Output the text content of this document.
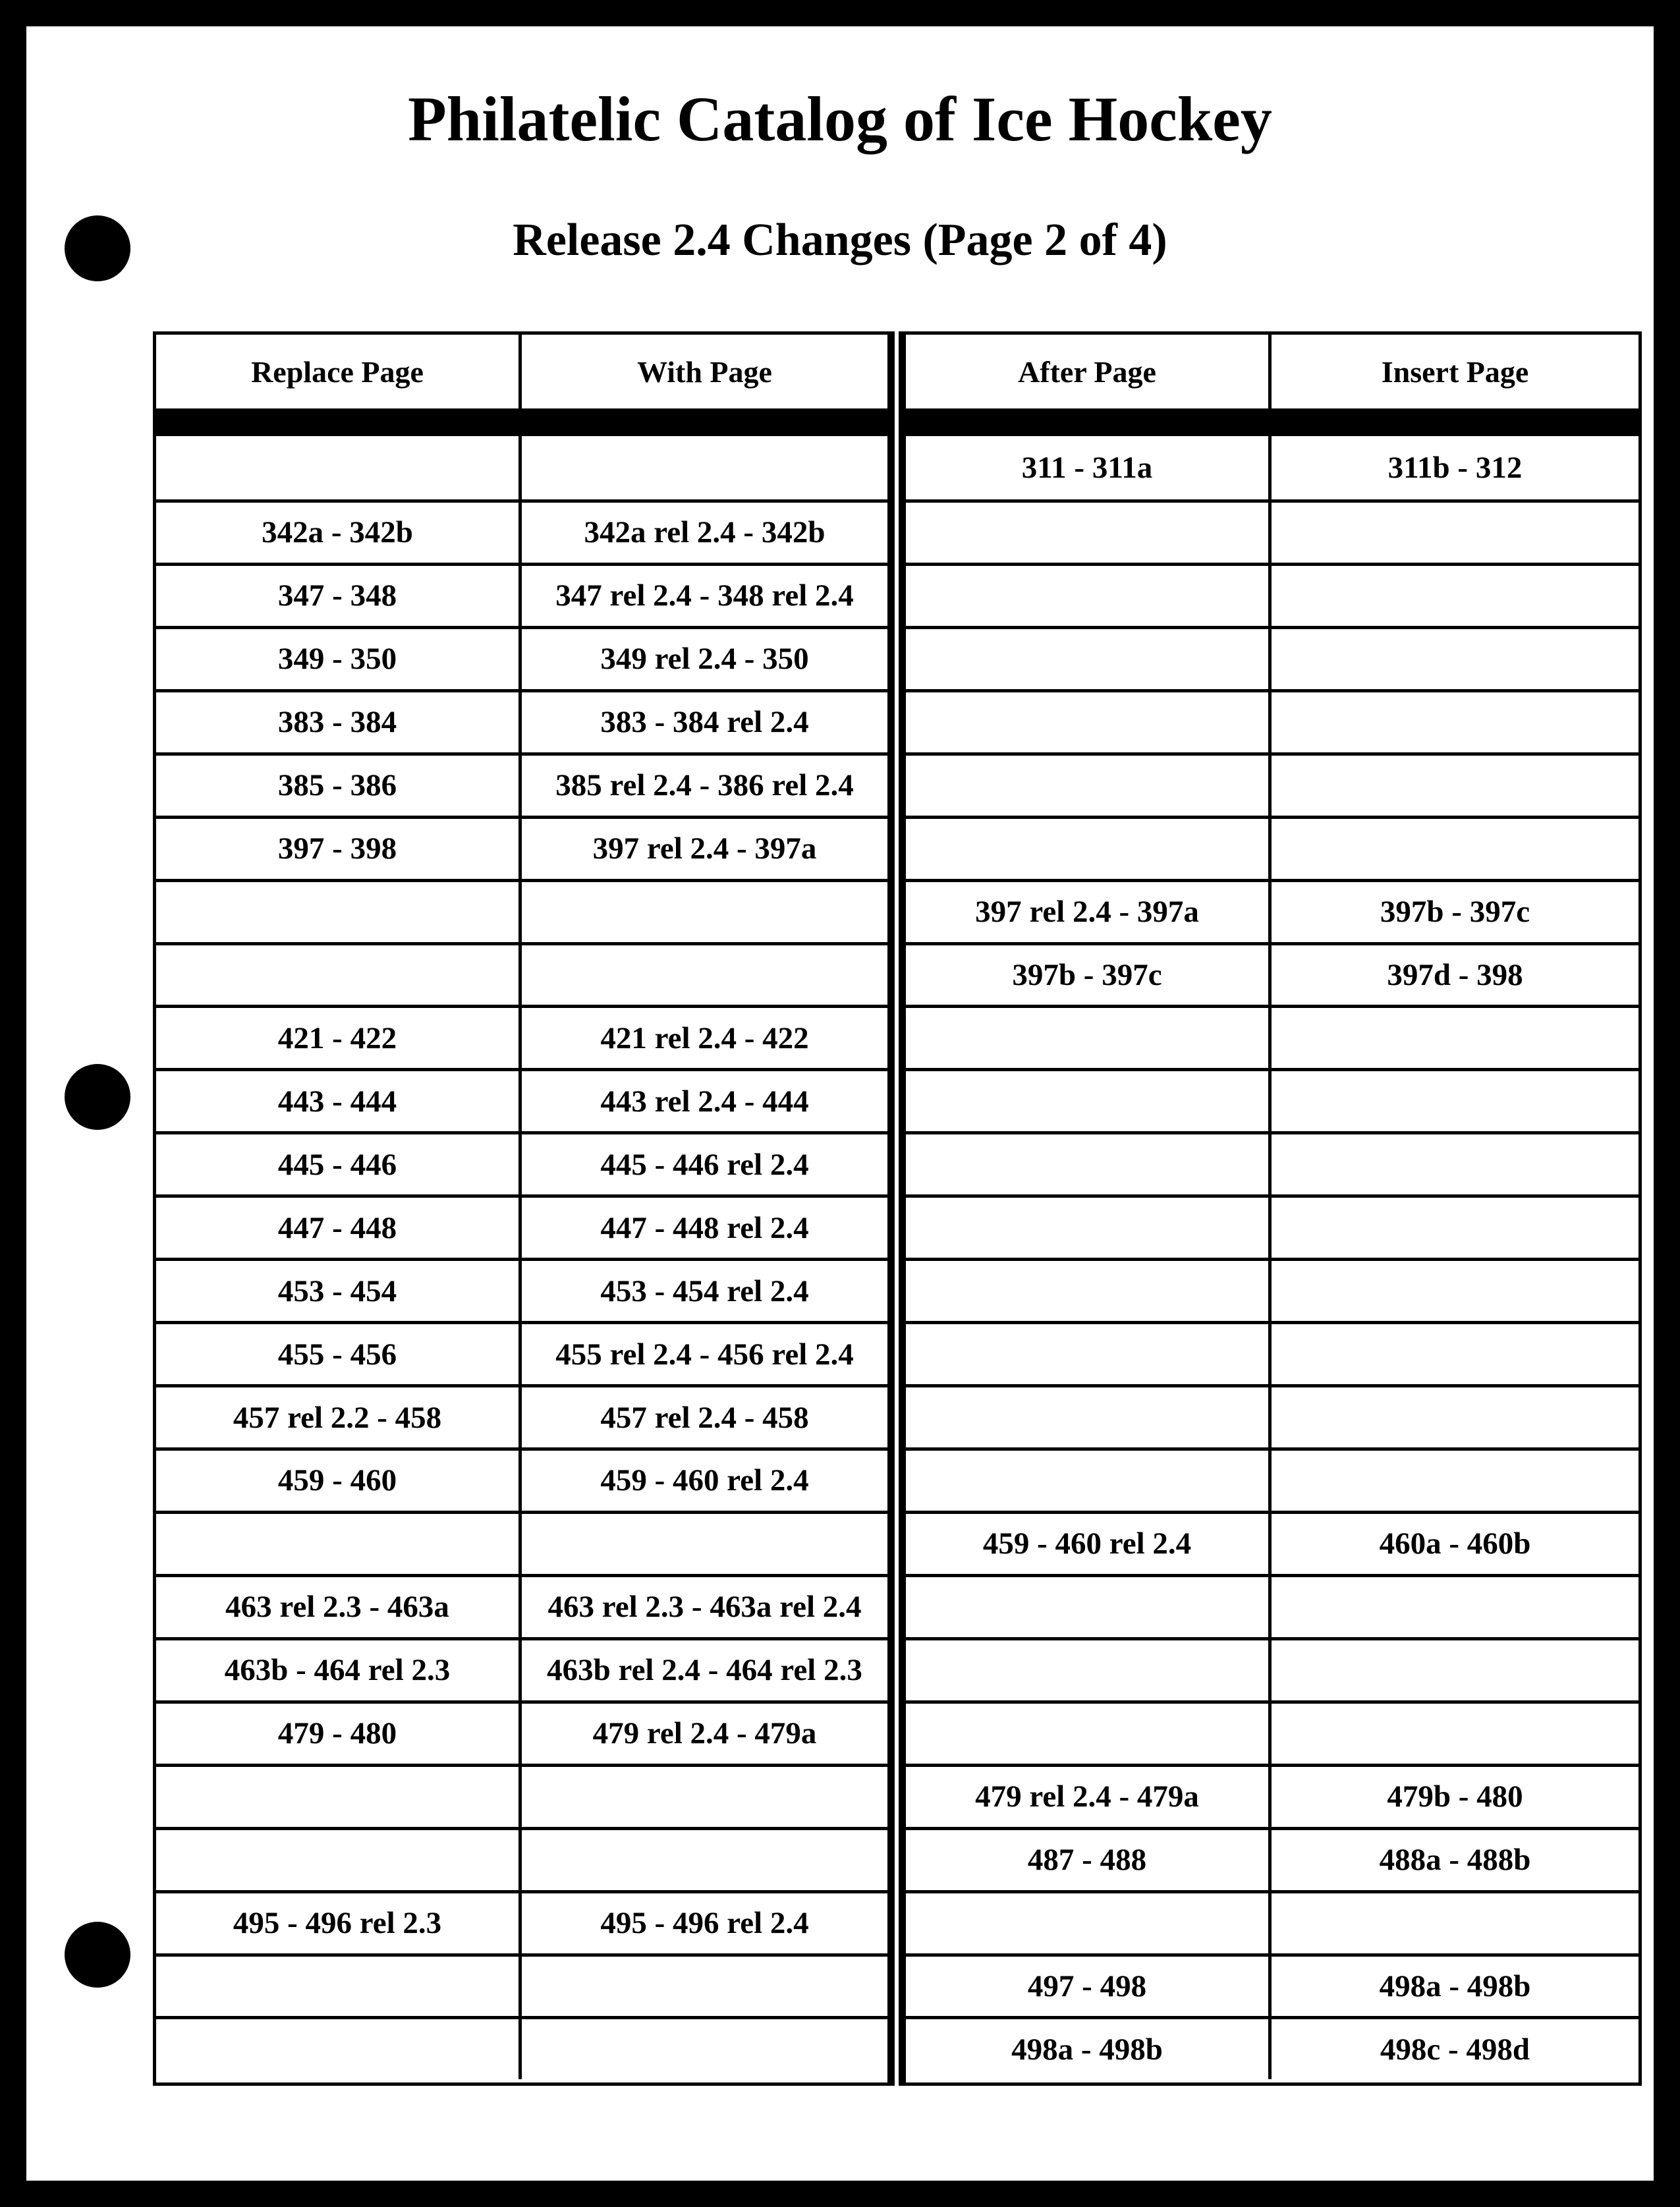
Philatelic Catalog of Ice Hockey
Release 2.4 Changes (Page 2 of 4)
Replace Page	With Page
342a - 342b	342a rel 2.4 - 342b
347 - 348	347 rel 2.4 - 348 rel 2.4
349 - 350	349 rel 2.4 - 350
383 - 384	383 - 384 rel 2.4
385 - 386	385 rel 2.4 - 386 rel 2.4
397 - 398	397 rel 2.4 - 397a
421 - 422	421 rel 2.4 - 422
443 - 444	443 rel 2.4 - 444
445 - 446	445 - 446 rel 2.4
447 - 448	447 - 448 rel 2.4
453 - 454	453 - 454 rel 2.4
455 - 456	455 rel 2.4 - 456 rel 2.4
457 rel 2.2 - 458	457 rel 2.4 - 458
459 - 460	459 - 460 rel 2.4
463 rel 2.3 - 463a	463 rel 2.3 - 463a rel 2.4
463b - 464 rel 2.3	463b rel 2.4 - 464 rel 2.3
479 - 480	479 rel 2.4 - 479a
495 - 496 rel 2.3	495 - 496 rel 2.4
After Page	Insert Page
311 - 311a	311b - 312
397 rel 2.4 - 397a	397b - 397c
397b - 397c	397d - 398
459 - 460 rel 2.4	460a - 460b
479 rel 2.4 - 479a	479b - 480
487 - 488	488a - 488b
497 - 498	498a - 498b
498a - 498b	498c - 498d
